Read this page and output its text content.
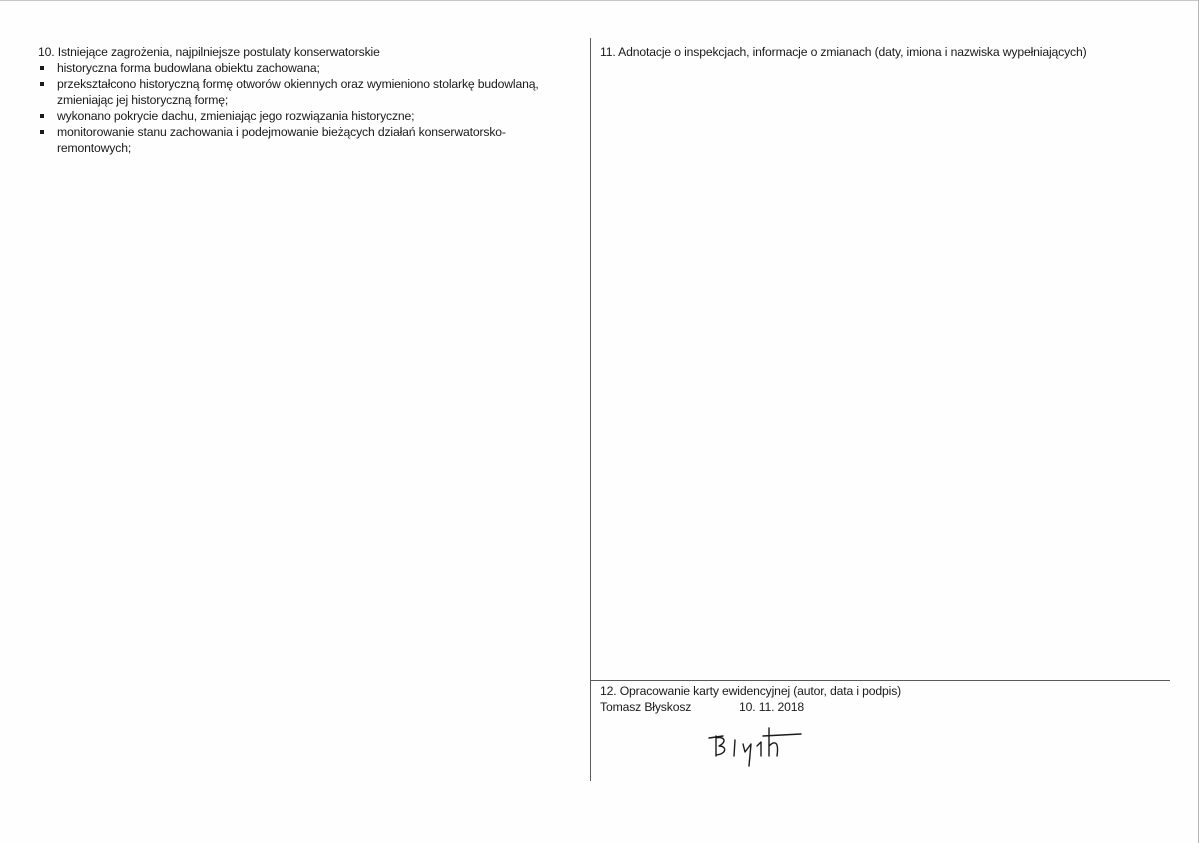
10. Istniejące zagrożenia, najpilniejsze postulaty konserwatorskie

historyczna forma budowlana obiektu zachowana;
przekształcono historyczną formę otworów okiennych oraz wymieniono stolarkę budowlaną,
zmieniając jej historyczną formę;
wykonano pokrycie dachu, zmieniając jego rozwiązania historyczne;
monitorowanie stanu zachowania i podejmowanie bieżących działań konserwatorsko-remontowych;

11. Adnotacje o inspekcjach, informacje o zmianach (daty, imiona i nazwiska wypełniających)

12. Opracowanie karty ewidencyjnej (autor, data i podpis)

Tomasz Błyskosz	10. 11. 2018
